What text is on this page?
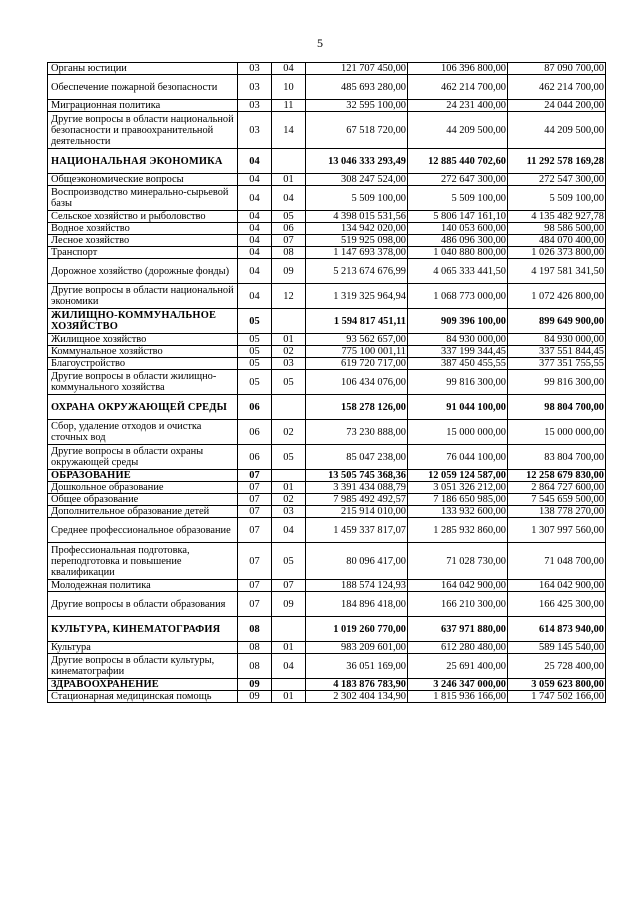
5
Органы юстиции	03	04	121 707 450,00	106 396 800,00	87 090 700,00
Обеспечение пожарной безопасности	03	10	485 693 280,00	462 214 700,00	462 214 700,00
Миграционная политика	03	11	32 595 100,00	24 231 400,00	24 044 200,00
Другие вопросы в области национальной безопасности и правоохранительной деятельности	03	14	67 518 720,00	44 209 500,00	44 209 500,00
НАЦИОНАЛЬНАЯ ЭКОНОМИКА	04		13 046 333 293,49	12 885 440 702,60	11 292 578 169,28
Общеэкономические вопросы	04	01	308 247 524,00	272 647 300,00	272 547 300,00
Воспроизводство минерально-сырьевой базы	04	04	5 509 100,00	5 509 100,00	5 509 100,00
Сельское хозяйство и рыболовство	04	05	4 398 015 531,56	5 806 147 161,10	4 135 482 927,78
Водное хозяйство	04	06	134 942 020,00	140 053 600,00	98 586 500,00
Лесное хозяйство	04	07	519 925 098,00	486 096 300,00	484 070 400,00
Транспорт	04	08	1 147 693 378,00	1 040 880 800,00	1 026 373 800,00
Дорожное хозяйство (дорожные фонды)	04	09	5 213 674 676,99	4 065 333 441,50	4 197 581 341,50
Другие вопросы в области национальной экономики	04	12	1 319 325 964,94	1 068 773 000,00	1 072 426 800,00
ЖИЛИЩНО-КОММУНАЛЬНОЕ ХОЗЯЙСТВО	05		1 594 817 451,11	909 396 100,00	899 649 900,00
Жилищное хозяйство	05	01	93 562 657,00	84 930 000,00	84 930 000,00
Коммунальное хозяйство	05	02	775 100 001,11	337 199 344,45	337 551 844,45
Благоустройство	05	03	619 720 717,00	387 450 455,55	377 351 755,55
Другие вопросы в области жилищно-коммунального хозяйства	05	05	106 434 076,00	99 816 300,00	99 816 300,00
ОХРАНА ОКРУЖАЮЩЕЙ СРЕДЫ	06		158 278 126,00	91 044 100,00	98 804 700,00
Сбор, удаление отходов и очистка сточных вод	06	02	73 230 888,00	15 000 000,00	15 000 000,00
Другие вопросы в области охраны окружающей среды	06	05	85 047 238,00	76 044 100,00	83 804 700,00
ОБРАЗОВАНИЕ	07		13 505 745 368,36	12 059 124 587,00	12 258 679 830,00
Дошкольное образование	07	01	3 391 434 088,79	3 051 326 212,00	2 864 727 600,00
Общее образование	07	02	7 985 492 492,57	7 186 650 985,00	7 545 659 500,00
Дополнительное образование детей	07	03	215 914 010,00	133 932 600,00	138 778 270,00
Среднее профессиональное образование	07	04	1 459 337 817,07	1 285 932 860,00	1 307 997 560,00
Профессиональная подготовка, переподготовка и повышение квалификации	07	05	80 096 417,00	71 028 730,00	71 048 700,00
Молодежная политика	07	07	188 574 124,93	164 042 900,00	164 042 900,00
Другие вопросы в области образования	07	09	184 896 418,00	166 210 300,00	166 425 300,00
КУЛЬТУРА, КИНЕМАТОГРАФИЯ	08		1 019 260 770,00	637 971 880,00	614 873 940,00
Культура	08	01	983 209 601,00	612 280 480,00	589 145 540,00
Другие вопросы в области культуры, кинематографии	08	04	36 051 169,00	25 691 400,00	25 728 400,00
ЗДРАВООХРАНЕНИЕ	09		4 183 876 783,90	3 246 347 000,00	3 059 623 800,00
Стационарная медицинская помощь	09	01	2 302 404 134,90	1 815 936 166,00	1 747 502 166,00
